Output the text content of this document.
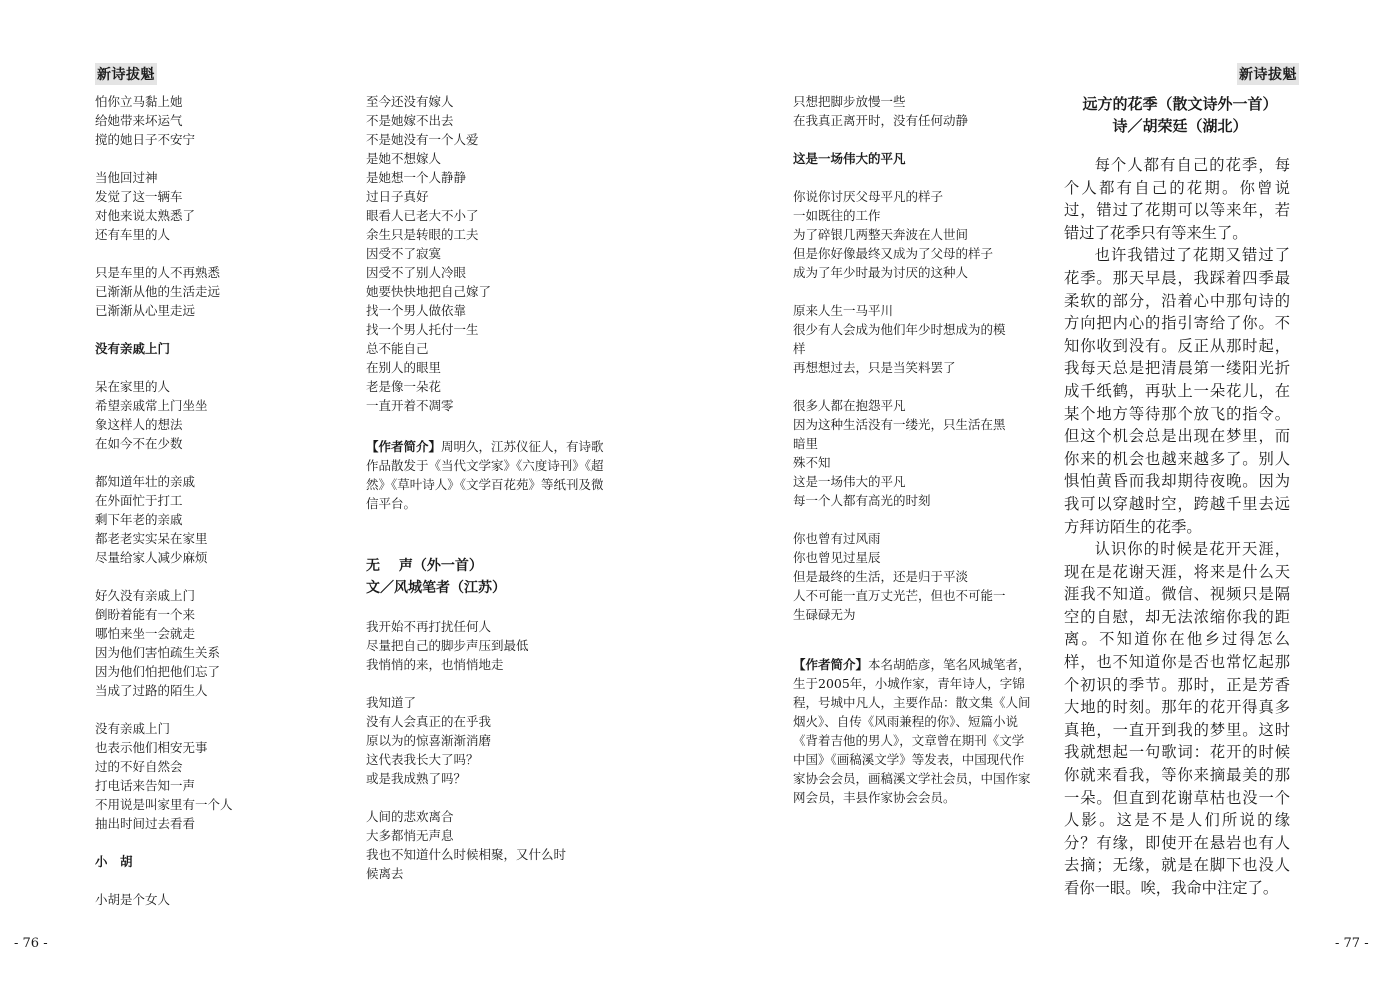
新诗拔魁	新诗拔魁
怕你立马黏上她
给她带来坏运气
搅的她日子不安宁
当他回过神
发觉了这一辆车
对他来说太熟悉了
还有车里的人
只是车里的人不再熟悉
已渐渐从他的生活走远
已渐渐从心里走远
没有亲戚上门
呆在家里的人
希望亲戚常上门坐坐
象这样人的想法
在如今不在少数
都知道年壮的亲戚
在外面忙于打工
剩下年老的亲戚
都老老实实呆在家里
尽量给家人减少麻烦
好久没有亲戚上门
倒盼着能有一个来
哪怕来坐一会就走
因为他们害怕疏生关系
因为他们怕把他们忘了
当成了过路的陌生人
没有亲戚上门
也表示他们相安无事
过的不好自然会
打电话来告知一声
不用说是叫家里有一个人
抽出时间过去看看
小　胡
小胡是个女人
至今还没有嫁人
不是她嫁不出去
不是她没有一个人爱
是她不想嫁人
是她想一个人静静
过日子真好
眼看人已老大不小了
余生只是转眼的工夫
因受不了寂寞
因受不了别人冷眼
她要快快地把自己嫁了
找一个男人做依靠
找一个男人托付一生
总不能自己
在别人的眼里
老是像一朵花
一直开着不凋零
【作者简介】周明久，江苏仪征人，有诗歌作品散发于《当代文学家》《六度诗刊》《超然》《草叶诗人》《文学百花苑》等纸刊及微信平台。
无　 声（外一首）
文／风城笔者（江苏）
我开始不再打扰任何人
尽量把自己的脚步声压到最低
我悄悄的来，也悄悄地走
我知道了
没有人会真正的在乎我
原以为的惊喜渐渐消磨
这代表我长大了吗？
或是我成熟了吗？
人间的悲欢离合
大多都悄无声息
我也不知道什么时候相聚，又什么时
候离去
只想把脚步放慢一些
在我真正离开时，没有任何动静
这是一场伟大的平凡
你说你讨厌父母平凡的样子
一如既往的工作
为了碎银几两整天奔波在人世间
但是你好像最终又成为了父母的样子
成为了年少时最为讨厌的这种人
原来人生一马平川
很少有人会成为他们年少时想成为的模
样
再想想过去，只是当笑料罢了
很多人都在抱怨平凡
因为这种生活没有一缕光，只生活在黑
暗里
殊不知
这是一场伟大的平凡
每一个人都有高光的时刻
你也曾有过风雨
你也曾见过星辰
但是最终的生活，还是归于平淡
人不可能一直万丈光芒，但也不可能一
生碌碌无为
【作者简介】本名胡皓彦，笔名风城笔者，生于2005年，小城作家，青年诗人，字锦程，号城中凡人，主要作品：散文集《人间烟火》、自传《风雨兼程的你》、短篇小说《背着吉他的男人》，文章曾在期刊《文学中国》《画稿溪文学》等发表，中国现代作家协会会员，画稿溪文学社会员，中国作家网会员，丰县作家协会会员。
远方的花季（散文诗外一首）
诗／胡荣廷（湖北）

每个人都有自己的花季，每个人都有自己的花期。你曾说过，错过了花期可以等来年，若错过了花季只有等来生了。

也许我错过了花期又错过了花季。那天早晨，我踩着四季最柔软的部分，沿着心中那句诗的方向把内心的指引寄给了你。不知你收到没有。反正从那时起，我每天总是把清晨第一缕阳光折成千纸鹤，再驮上一朵花儿，在某个地方等待那个放飞的指令。但这个机会总是出现在梦里，而你来的机会也越来越多了。别人惧怕黄昏而我却期待夜晚。因为我可以穿越时空，跨越千里去远方拜访陌生的花季。

认识你的时候是花开天涯，现在是花谢天涯，将来是什么天涯我不知道。微信、视频只是隔空的自慰，却无法浓缩你我的距离。不知道你在他乡过得怎么样，也不知道你是否也常忆起那个初识的季节。那时，正是芳香大地的时刻。那年的花开得真多真艳，一直开到我的梦里。这时我就想起一句歌词：花开的时候你就来看我，等你来摘最美的那一朵。但直到花谢草枯也没一个人影。这是不是人们所说的缘分？有缘，即使开在悬岩也有人去摘；无缘，就是在脚下也没人看你一眼。唉，我命中注定了。

- 76 -	- 77 -
